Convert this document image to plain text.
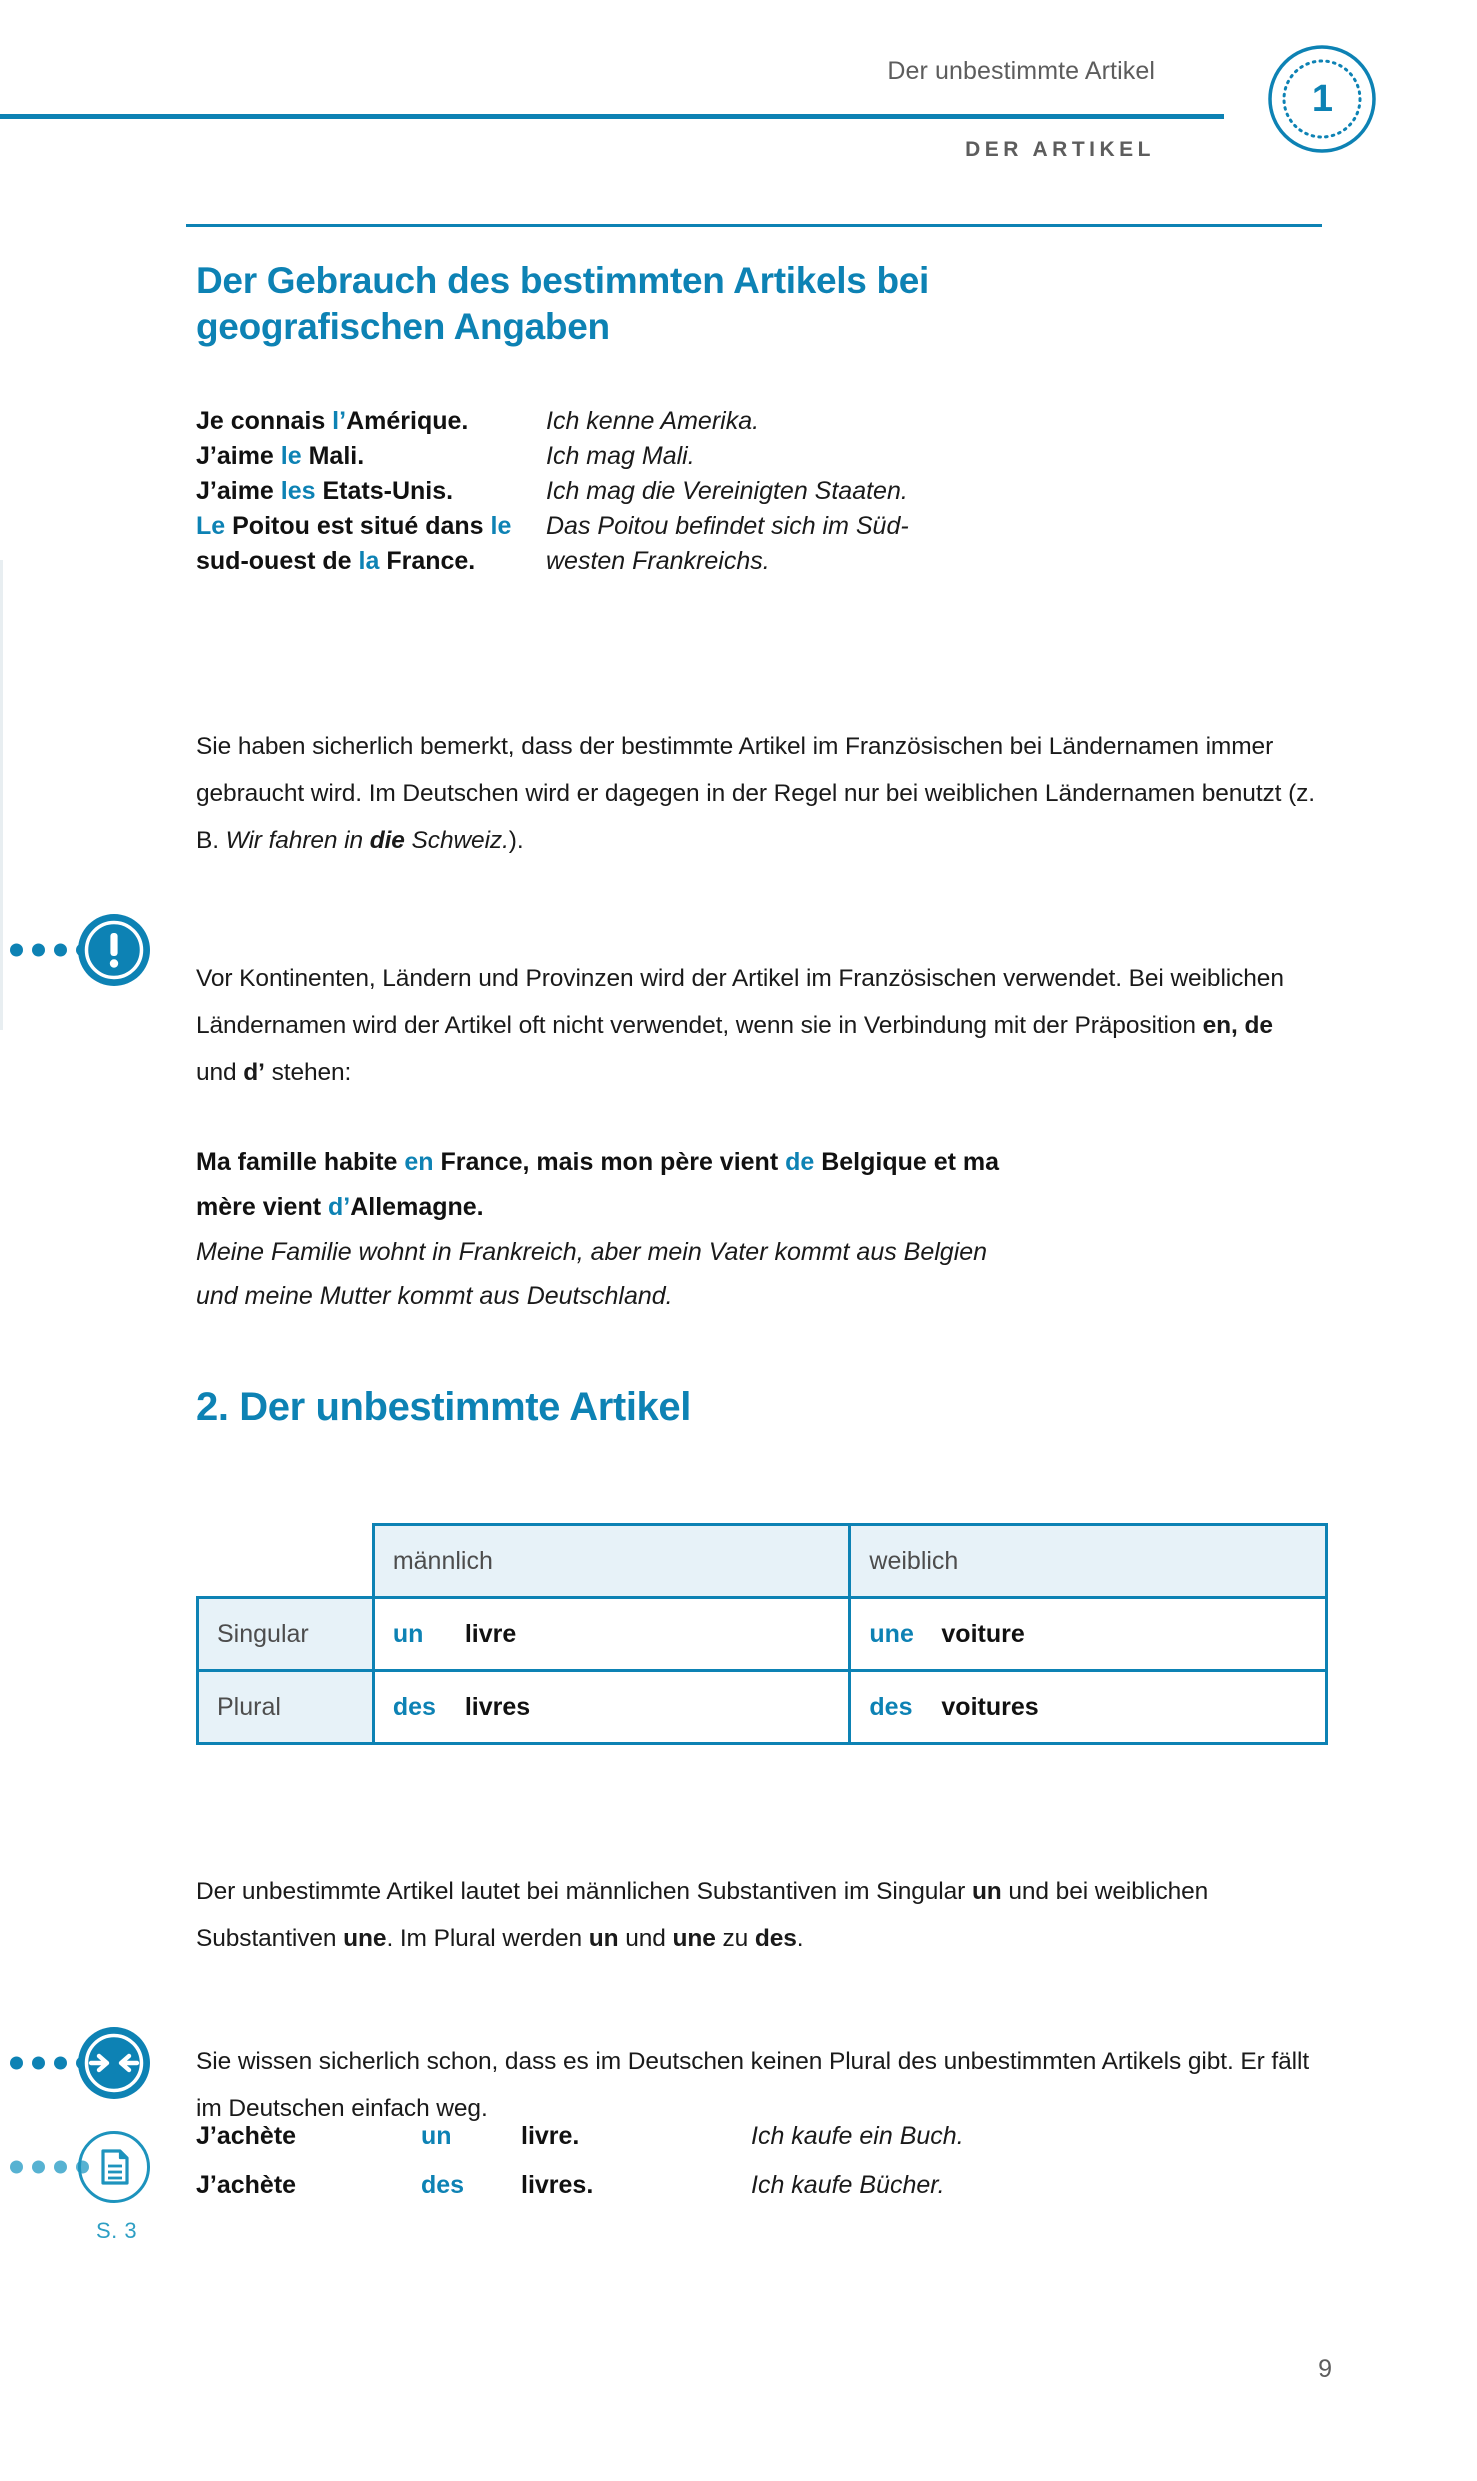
Der unbestimmte Artikel
DER ARTIKEL
1
Der Gebrauch des bestimmten Artikels bei
geografischen Angaben
Je connais l’Amérique.	Ich kenne Amerika.
J’aime le Mali.	Ich mag Mali.
J’aime les Etats-Unis.	Ich mag die Vereinigten Staaten.
Le Poitou est situé dans le	Das Poitou befindet sich im Süd-
sud-ouest de la France.	westen Frankreichs.

Sie haben sicherlich bemerkt, dass der bestimmte Artikel im Französischen bei Ländernamen immer gebraucht wird. Im Deutschen wird er dagegen in der Regel nur bei weiblichen Ländernamen benutzt (z. B. Wir fahren in die Schweiz.).

Vor Kontinenten, Ländern und Provinzen wird der Artikel im Französischen verwendet. Bei weiblichen Ländernamen wird der Artikel oft nicht verwendet, wenn sie in Verbindung mit der Präposition en, de und d’ stehen:

Ma famille habite en France, mais mon père vient de Belgique et ma
mère vient d’Allemagne.
Meine Familie wohnt in Frankreich, aber mein Vater kommt aus Belgien
und meine Mutter kommt aus Deutschland.
2. Der unbestimmte Artikel
	männlich	weiblich
Singular	un livre	une voiture
Plural	des livres	des voitures

Der unbestimmte Artikel lautet bei männlichen Substantiven im Singular un und bei weiblichen Substantiven une. Im Plural werden un und une zu des.

Sie wissen sicherlich schon, dass es im Deutschen keinen Plural des unbestimmten Artikels gibt. Er fällt im Deutschen einfach weg.

S. 3
J’achète	un	livre.	Ich kaufe ein Buch.
J’achète	des	livres.	Ich kaufe Bücher.
9
